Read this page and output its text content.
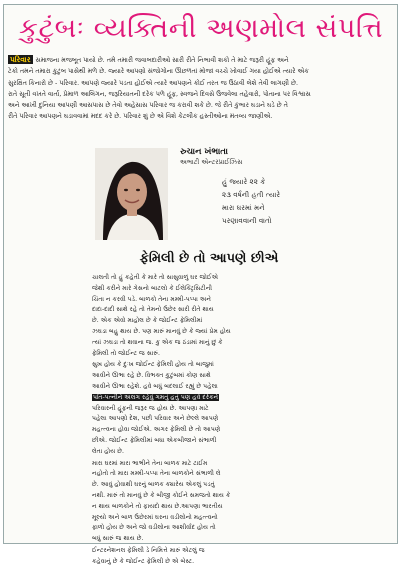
કુટુંબઃ વ્યક્તિની અણમોલ સંપત્તિ
પરિવાર સમાજના મજબૂત પાયો છે. તમે તમારી જવાબદારીઓ સારી રીતે નિભાવી શકો તે માટે જરૂરી હૂંફ અને
ટેકો તમને તમારા કુટુંબ પાસેથી મળે છે. જ્યારે આપણો સંજોગોના ઊછળતાં મોજાં વચ્ચે ખોવાઈ ગયા હોઈએ ત્યારે એક
સુરક્ષિત કિનારો છે - પરિવાર. આપણે જ્યારે પડતા હોઈએ ત્યારે આપણને કોઈ તરત જ ઉઠાવી લેશે તેવી લાગણી છે.
રાતે સૂતી વખતે વાર્તા, પ્રેમાળ આલિંગન, જરૂરિયાતની દરેક પળે હૂંફ, સ્વજને દિવસે ઉજવેલા તહેવારો, પોતાના પર વિશ્વાસ
અને આખી દુનિયા આપણી આસપાસ છે તેવો અહેસાસ પરિવાર જ કરાવી શકે છે. જે રીતે કુંભાર ઘડાને ઘડે છે તે
રીતે પરિવાર આપણને ઘડાવવામાં મદદ કરે છે. પરિવાર શું છે એ વિશે કેટલીક હસ્તીઓના મંતવ્ય જાણીએ.
રુચાન ખંભાતા
અભાટી એન્ટરપ્રાઈઝિસ
હું જ્યારે ૨૨ કે
૨૩ વર્ષની હતી ત્યારે
મારા ઘરમાં મને
પરણાવવાની વાતો
ફેમિલી છે તો આપણે છીએ
ચાલતી તો હું કહેતી કે મારે તો સાસુવાળું ઘર જોઈએ
જેથી કરીને મારે ગેસનો બાટલો કે ઈલેક્ટ્રિસિટીની
ચિંતા ન કરવી પડે. બાળકો તેના મમ્મી-પપ્પા અને
દાદા-દાદી સાથે રહે તો તેમનો ઉછેર સારી રીતે થાય
છે. એક એવો માહોલ છે કે જોઈન્ટ ફેમિલીમાં
ઝઘડા બહુ થાય છે. પણ મારું માનવું છે કે જ્યાં પ્રેમ હોય
ત્યાં ઝઘડા તો થવાના જ. કુ એક જ ઠંડામાં માનું છું કે
ફેમિલી તો જોઈન્ટ જ સારું.
સુખ હોય કે દુઃખ જોઈન્ટ ફેમિલી હોય તો બાજુમાં
આવીને ઊભા રહે છે. વિભક્ત કુટુંબમાં કોણ સાથે
આવીને ઊભા રહેશે. હવે બધું બદલાઈ રહ્યું છે પહેલા
પતિ-પત્નીને અલગ રહેવું ગમતું હતું પણ હવે દરેકને
પરિવારની હૂંફની જરૂર જ હોય છે. આપણા માટે
પહેલા આપણો દેશ, પછી પરિવાર અને છેલ્લે આપણે
મહત્ત્વના હોવા જોઈએ. અગર ફેમિલી છે તો આપણે
છીએ. જોઈન્ટ ફેમિલીમાં બધા એકબીજાને સંભાળી
લેતા હોય છે.
મારા ઘરમાં મારા ભાભીને તેના બાળક માટે ટાઈમ
નહોતો તો મારા મમ્મી-પપ્પા તેના બાળકોને સંભાળી લે
છે. આવું હોવાથી ઘરનું બાળક ક્યારેય એકલું પડતું
નથી. મારું તો માનવું છે કે બીજી કોઈને સમજતો થાય કે
ન થાય બાળકોને તો ફાયદો થાય છે.આપણા ભારતીય
મૂલ્યો અને બાળ ઉછેરમાં ઘરના વડીલોનો મહત્ત્વનો
ફાળો હોય છે અને જો વડીલોના આશીર્વાદ હોય તો
બધું સારું જ થાય છે.
ઈન્ટરનેશનલ ફેમિલી ડે નિમિત્તે મારું એટલું જ
કહેવાનું છે કે જોઈન્ટ ફેમિલી છે એ બેસ્ટ.
